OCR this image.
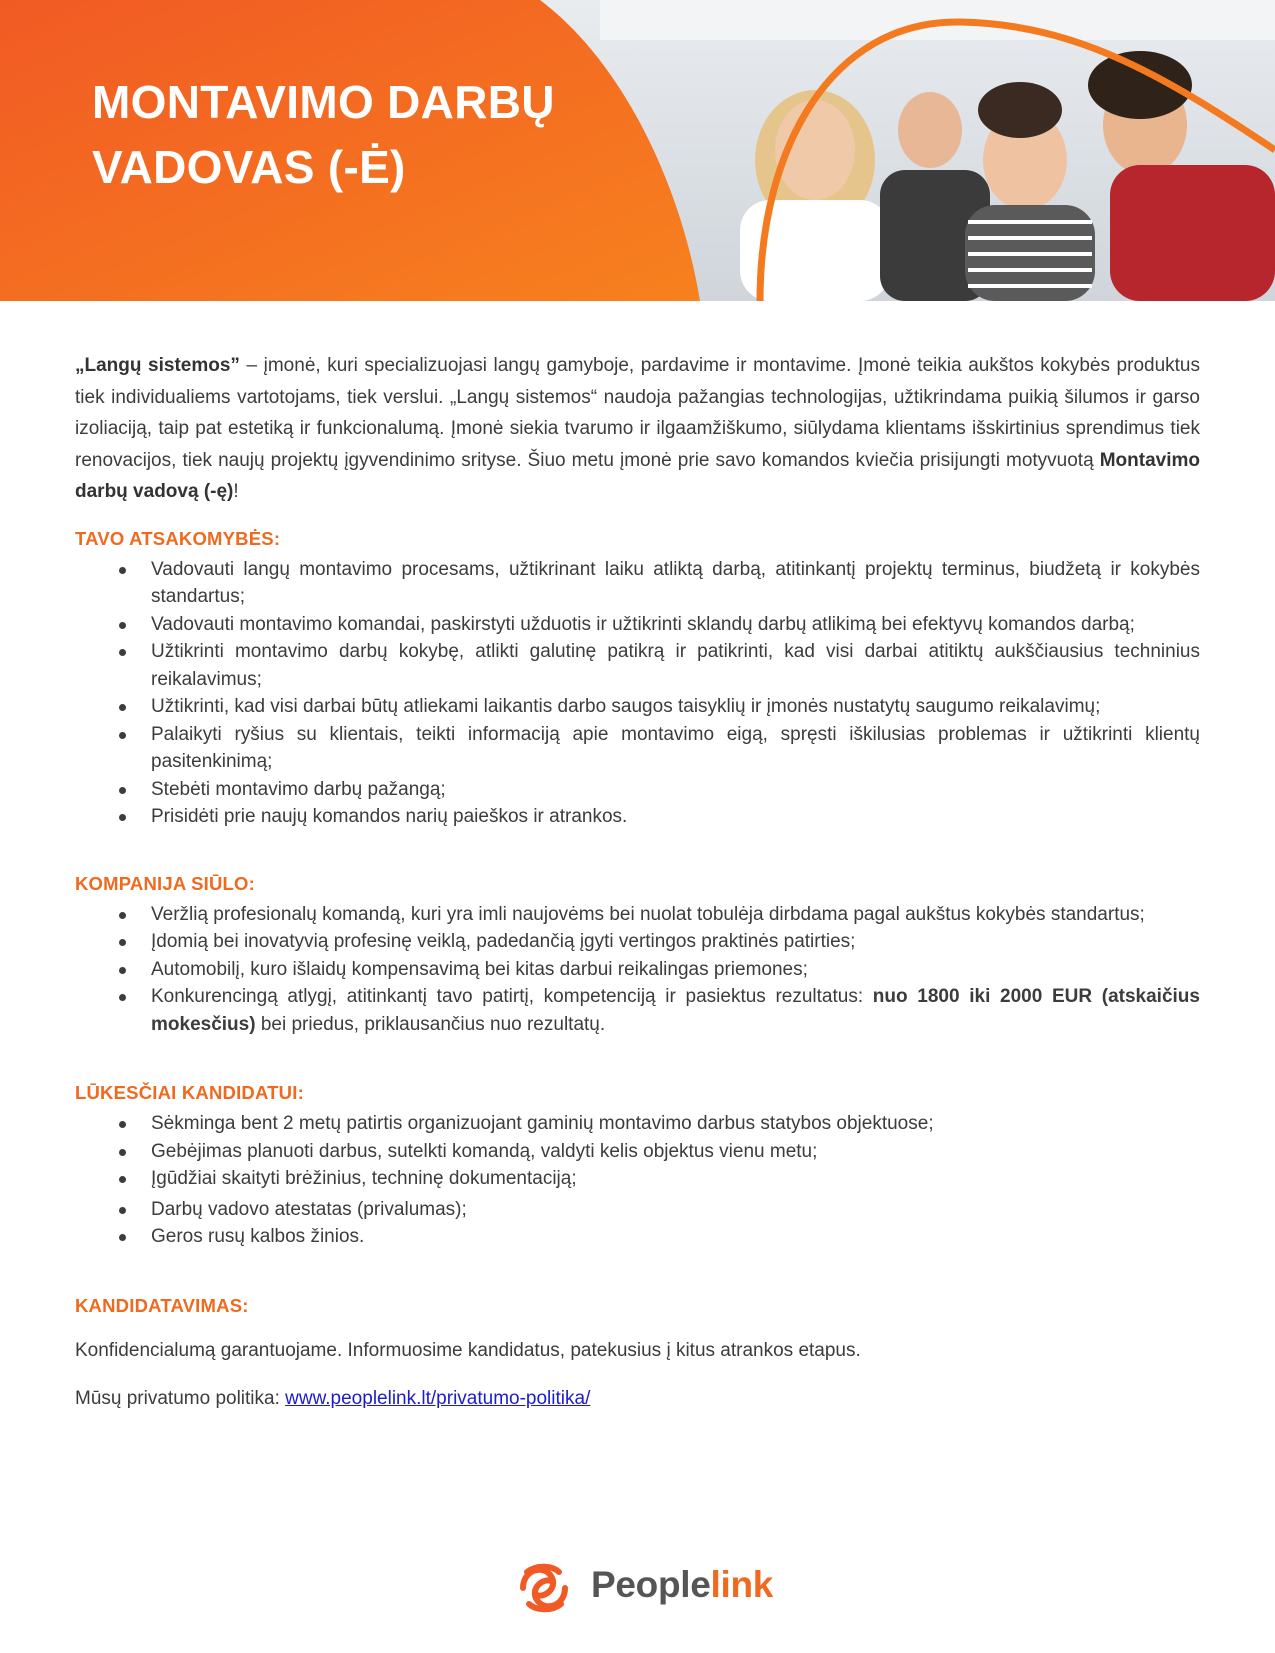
MONTAVIMO DARBŲ
VADOVAS (-Ė)

„Langų sistemos” – įmonė, kuri specializuojasi langų gamyboje, pardavime ir montavime. Įmonė teikia aukštos kokybės produktus tiek individualiems vartotojams, tiek verslui. „Langų sistemos“ naudoja pažangias technologijas, užtikrindama puikią šilumos ir garso izoliaciją, taip pat estetiką ir funkcionalumą. Įmonė siekia tvarumo ir ilgaamžiškumo, siūlydama klientams išskirtinius sprendimus tiek renovacijos, tiek naujų projektų įgyvendinimo srityse. Šiuo metu įmonė prie savo komandos kviečia prisijungti motyvuotą Montavimo darbų vadovą (-ę)!

TAVO ATSAKOMYBĖS:
Vadovauti langų montavimo procesams, užtikrinant laiku atliktą darbą, atitinkantį projektų terminus, biudžetą ir kokybės standartus;
Vadovauti montavimo komandai, paskirstyti užduotis ir užtikrinti sklandų darbų atlikimą bei efektyvų komandos darbą;
Užtikrinti montavimo darbų kokybę, atlikti galutinę patikrą ir patikrinti, kad visi darbai atitiktų aukščiausius techninius reikalavimus;
Užtikrinti, kad visi darbai būtų atliekami laikantis darbo saugos taisyklių ir įmonės nustatytų saugumo reikalavimų;
Palaikyti ryšius su klientais, teikti informaciją apie montavimo eigą, spręsti iškilusias problemas ir užtikrinti klientų pasitenkinimą;
Stebėti montavimo darbų pažangą;
Prisidėti prie naujų komandos narių paieškos ir atrankos.
KOMPANIJA SIŪLO:
Veržlią profesionalų komandą, kuri yra imli naujovėms bei nuolat tobulėja dirbdama pagal aukštus kokybės standartus;
Įdomią bei inovatyvią profesinę veiklą, padedančią įgyti vertingos praktinės patirties;
Automobilį, kuro išlaidų kompensavimą bei kitas darbui reikalingas priemones;
Konkurencingą atlygį, atitinkantį tavo patirtį, kompetenciją ir pasiektus rezultatus: nuo 1800 iki 2000 EUR (atskaičius mokesčius) bei priedus, priklausančius nuo rezultatų.
LŪKESČIAI KANDIDATUI:
Sėkminga bent 2 metų patirtis organizuojant gaminių montavimo darbus statybos objektuose;
Gebėjimas planuoti darbus, sutelkti komandą, valdyti kelis objektus vienu metu;
Įgūdžiai skaityti brėžinius, techninę dokumentaciją;
Darbų vadovo atestatas (privalumas);
Geros rusų kalbos žinios.
KANDIDATAVIMAS:

Konfidencialumą garantuojame. Informuosime kandidatus, patekusius į kitus atrankos etapus.

Mūsų privatumo politika: www.peoplelink.lt/privatumo-politika/

Peoplelink
